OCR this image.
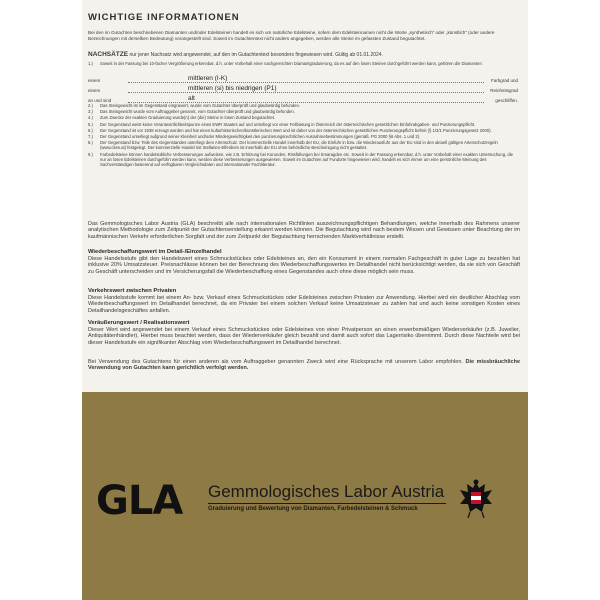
WICHTIGE INFORMATIONEN

Bei den im Gutachten beschriebenen Diamanten und/oder Edelsteinen handelt es sich um natürliche Edelsteine, sofern dem Edelsteinnamen nicht die Worte „synthetisch“ oder „künstlich“ (oder andere Bezeichnungen mit derselben Bedeutung) vorangestellt sind. Soweit im Gutachtentext nicht anders angegeben, werden alle Steine im gefassten Zustand begutachtet.

NACHSÄTZE nur jener Nachsatz wird angewendet, auf den im Gutachtentext besonders fingewiesen wird. Gültig ab 01.01.2024.
1.) Soweit in der Fassung bei 10-facher Vergrößerung erkennbar, d.h. unter Vorbehalt einer nachgereichten Diamantgraduierung, da es auf den losen Steinen durchgeführt werden kann, gehören die Diamanten
einem	mittleren (I-K)	Farbgrad und
einem	mittleren (si) bis niedrigen (P1)	Reinheitsgrad
an und sind	alt	geschliffen.
2.)	Das Steingewicht ist im Gegenstand eingraviert, wurde vom Gutachter überprüft und glaubwürdig befunden.
3.)	Das Steingewicht wurde vom Auftraggeber genannt, vom Gutachter überprüft und glaubwürdig befunden.
4.)	Zum Zwecke der exakten Graduierung wurde(n) der (die) Steine in losen Zustand begutachtet.
5.)	Der Gegenstand weist keine Verantwortlichkeitspunze eines EWR Staates auf und unterliegt vor einer Feilbietung in Österreich der österreichischen gesetzlichen Einfuhrabgaben- und Punzierungspflicht.
6.)	Der Gegenstand ist vor 1938 erzeugt worden und hat einen kulturhistorischen/künstlerischen Wert und ist daher von der österreichischen gesetzlichen Punzierungspflicht befreit (§ 1/3/1 Punzierungsgesetz 2000).
7.)	Der Gegenstand unterliegt aufgrund seiner Kleinheit und/oder Mindergewichtigkeit den punzierungsrechtlichen Ausnahmebestimmungen (gemäß. PG 2000 §6 Abs. 1 und 2).
8.)	Der Gegenstand bzw. Teile des Gegenstandes unterliegt dem Artenschutz. Der kommerzielle Handel innerhalb der EU, die Einfuhr in bzw. die Wiederausfuhr aus der EU sind in den aktuell gültigen Artenschutzregeln (www.cites.at) festgelegt. Der kommerzielle Handel mit Stellarien-Elfenbein ist innerhalb der EU ohne behördliche Bescheinigung nicht gestattet.
9.)	Farbedelsteine können handelsübliche Verbesserungen aufweisen, wie z.B. Erhitzung bei Korunden, Rissfüllungen bei Smaragden etc. Soweit in der Fassung erkennbar, d.h. unter Vorbehalt einer exakten Untersuchung, die nur an losen Edelsteinen durchgeführt werden kann, werden diese Verbesserungen ausgewiesen. Soweit im Gutachten auf Fundorte hingewiesen wird, handelt es sich immer um eine persönliche Meinung des Sachverständigen basierend auf verfügbaren Vergleichsdaten und internationaler Fachliteratur.

Das Gemmologisches Labor Austria (GLA) beschreibt alle nach internationalen Richtlinien auszeichnungspflichtigen Behandlungen, welche innerhalb des Rahmens unserer analytischen Methodologie zum Zeitpunkt der Gutachtenserstellung erkannt werden können. Die Begutachtung wird nach bestem Wissen und Gewissen unter Beachtung der im kaufmännischen Verkehr erforderlichen Sorgfalt und der zum Zeitpunkt der Begutachtung herrschenden Marktverhältnisse erstellt.

Wiederbeschaffungswert im Detail-/Einzelhandel

Diese Handelsstufe gibt den Handelswert eines Schmuckstückes oder Edelsteines an, den ein Konsument in einem normalen Fachgeschäft in guter Lage zu bezahlen hat inklusive 20% Umsatzsteuer. Preisnachlässe können bei der Berechnung des Wiederbeschaffungswertes im Detailhandel nicht berücksichtigt werden, da sie sich von Geschäft zu Geschäft unterscheiden und im Versicherungsfall die Wiederbeschaffung eines Gegenstandes auch ohne diese möglich sein muss.

Verkehrswert zwischen Privaten

Diese Handelsstufe kommt bei einem An- bzw. Verkauf eines Schmuckstückes oder Edelsteines zwischen Privaten zur Anwendung. Hierbei wird ein deutlicher Abschlag vom Wiederbeschaffungswert im Detailhandel berechnet, da ein Privater bei einem solchen Verkauf keine Umsatzsteuer zu zahlen hat und auch keine sonstigen Kosten eines Detailhandelsgeschäftes anfallen.

Veräußerungswert / Realisationswert

Dieser Wert wird angewendet bei einem Verkauf eines Schmuckstückes oder Edelsteines von einer Privatperson an einen erwerbsmäßigen Wiederverkäufer (z.B. Juwelier, Antiquitätenhändler). Hierbei muss beachtet werden, dass der Wiederverkäufer gleich bezahlt und damit auch sofort das Lagerrisiko übernimmt. Durch diese Nachteile wird bei dieser Handelsstufe ein signifikanter Abschlag vom Wiederbeschaffungswert im Detailhandel berechnet.

Bei Verwendung des Gutachtens für einen anderen als vom Auftraggeber genannten Zweck wird eine Rücksprache mit unserem Labor empfohlen. Die missbräuchliche Verwendung von Gutachten kann gerichtlich verfolgt werden.

GLA Gemmologisches Labor Austria
Graduierung und Bewertung von Diamanten, Farbedelsteinen & Schmuck
